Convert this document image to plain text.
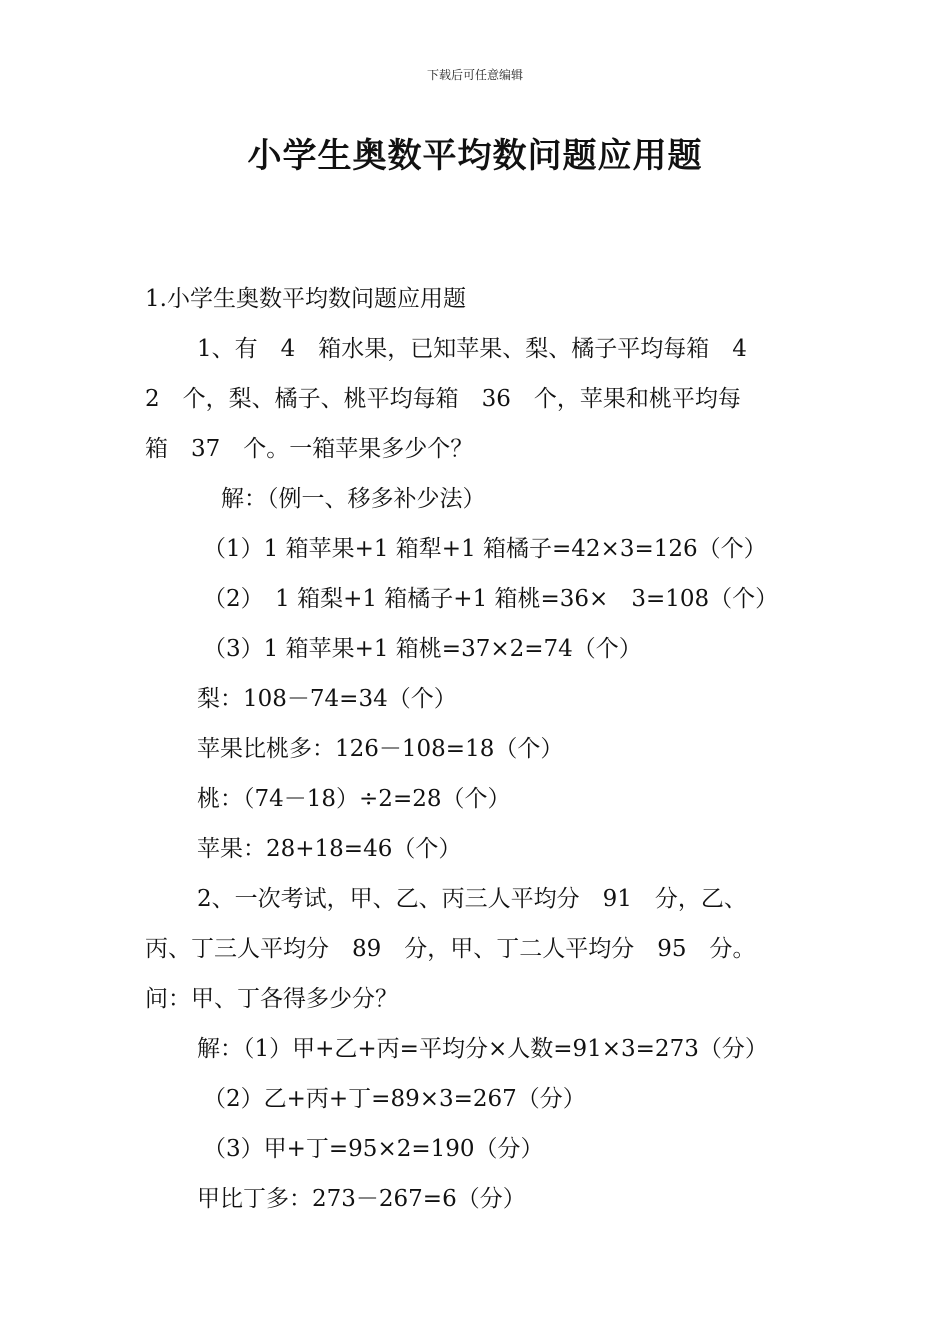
下载后可任意编辑
小学生奥数平均数问题应用题
1.小学生奥数平均数问题应用题
1、有　4　箱水果，已知苹果、梨、橘子平均每箱　4
2　个，梨、橘子、桃平均每箱　36　个，苹果和桃平均每
箱　37　个。一箱苹果多少个？
解：（例一、移多补少法）
（1）1 箱苹果+1 箱犁+1 箱橘子=42×3=126（个）
（2）　1 箱梨+1 箱橘子+1 箱桃=36×　3=108（个）
（3）1 箱苹果+1 箱桃=37×2=74（个）
梨：108－74=34（个）
苹果比桃多：126－108=18（个）
桃：（74－18）÷2=28（个）
苹果：28+18=46（个）
2、一次考试，甲、乙、丙三人平均分　91　分，乙、
丙、丁三人平均分　89　分，甲、丁二人平均分　95　分。
问：甲、丁各得多少分？
解：（1）甲+乙+丙=平均分×人数=91×3=273（分）
（2）乙+丙+丁=89×3=267（分）
（3）甲+丁=95×2=190（分）
甲比丁多：273－267=6（分）
